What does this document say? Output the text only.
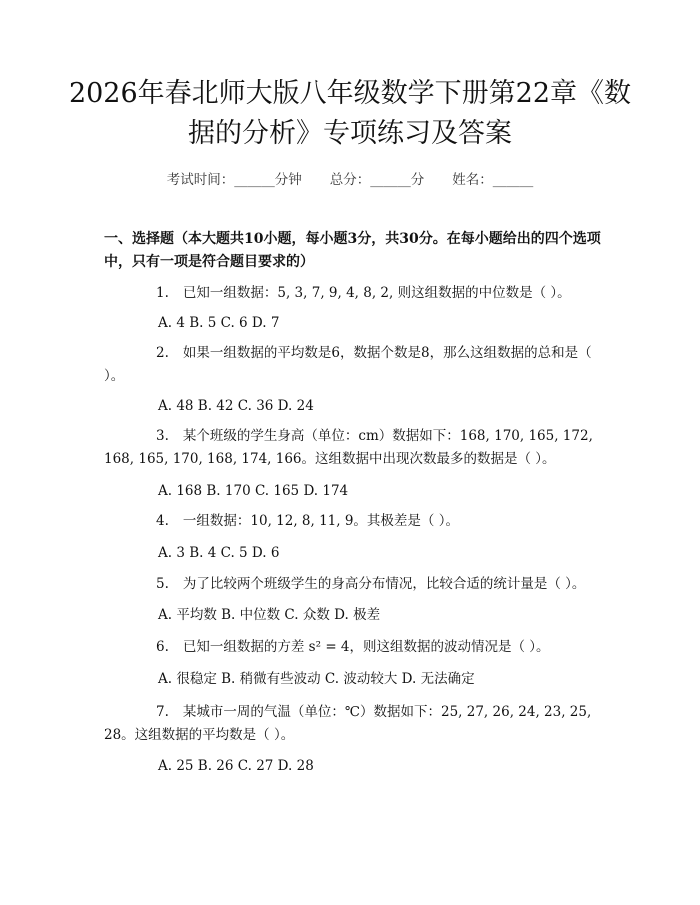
2026年春北师大版八年级数学下册第22章《数据的分析》专项练习及答案
考试时间：______分钟 总分：______分 姓名：______

一、选择题（本大题共10小题，每小题3分，共30分。在每小题给出的四个选项中，只有一项是符合题目要求的）

1. 已知一组数据：5, 3, 7, 9, 4, 8, 2, 则这组数据的中位数是（ ）。

A. 4 B. 5 C. 6 D. 7

2. 如果一组数据的平均数是6，数据个数是8，那么这组数据的总和是（ ）。

A. 48 B. 42 C. 36 D. 24

3. 某个班级的学生身高（单位：cm）数据如下：168, 170, 165, 172, 168, 165, 170, 168, 174, 166。这组数据中出现次数最多的数据是（ ）。

A. 168 B. 170 C. 165 D. 174

4. 一组数据：10, 12, 8, 11, 9。其极差是（ ）。

A. 3 B. 4 C. 5 D. 6

5. 为了比较两个班级学生的身高分布情况，比较合适的统计量是（ ）。

A. 平均数 B. 中位数 C. 众数 D. 极差

6. 已知一组数据的方差 s² = 4，则这组数据的波动情况是（ ）。

A. 很稳定 B. 稍微有些波动 C. 波动较大 D. 无法确定

7. 某城市一周的气温（单位：℃）数据如下：25, 27, 26, 24, 23, 25, 28。这组数据的平均数是（ ）。

A. 25 B. 26 C. 27 D. 28
